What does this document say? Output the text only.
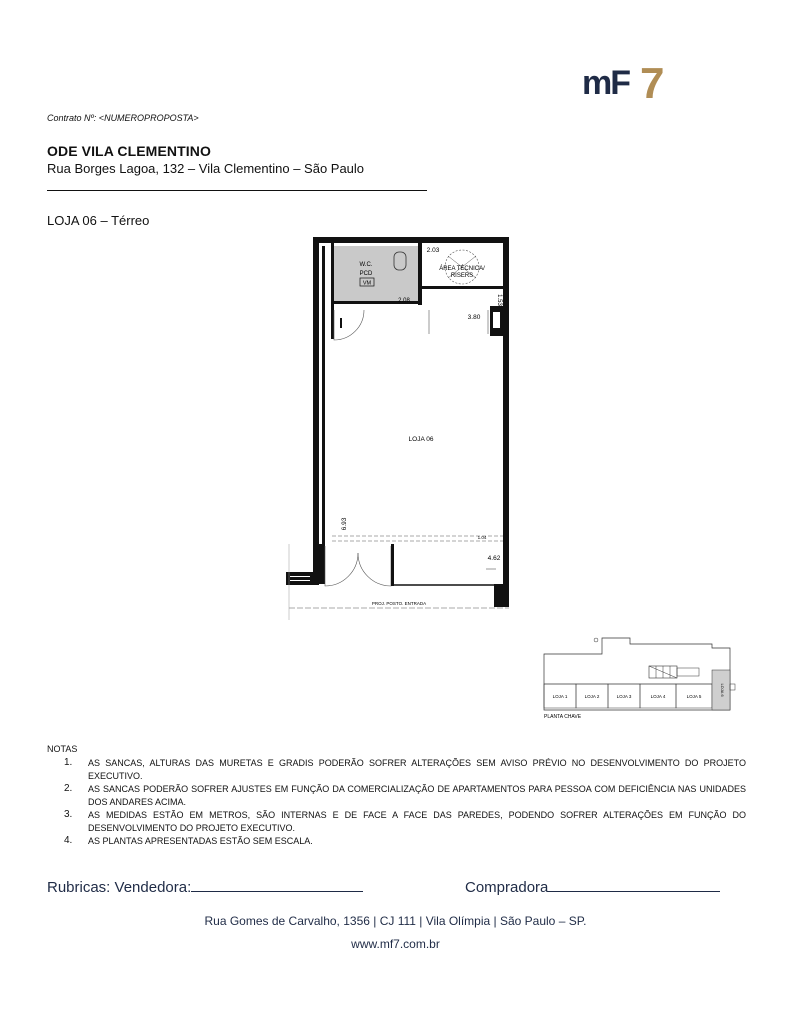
mF 7
Contrato Nº: <NUMEROPROPOSTA>
ODE VILA CLEMENTINO
Rua Borges Lagoa, 132 – Vila Clementino – São Paulo
LOJA 06 – Térreo
W.C.
PCD
VM
2.08
ÁREA TÉCNICA/
RISERS
2.03
1.53
3.80
LOJA 06
6.93
1.04
4.62
PROJ. POSTO. ENTRADA
LOJA 1	LOJA 2	LOJA 3	LOJA 4	LOJA 5	LOJA 6
PLANTA CHAVE
NOTAS
1. AS SANCAS, ALTURAS DAS MURETAS E GRADIS PODERÃO SOFRER ALTERAÇÕES SEM AVISO PRÉVIO NO DESENVOLVIMENTO DO PROJETO EXECUTIVO.
2. AS SANCAS PODERÃO SOFRER AJUSTES EM FUNÇÃO DA COMERCIALIZAÇÃO DE APARTAMENTOS PARA PESSOA COM DEFICIÊNCIA NAS UNIDADES DOS ANDARES ACIMA.
3. AS MEDIDAS ESTÃO EM METROS, SÃO INTERNAS E DE FACE A FACE DAS PAREDES, PODENDO SOFRER ALTERAÇÕES EM FUNÇÃO DO DESENVOLVIMENTO DO PROJETO EXECUTIVO.
4. AS PLANTAS APRESENTADAS ESTÃO SEM ESCALA.
Rubricas: Vendedora:	Compradora
Rua Gomes de Carvalho, 1356 | CJ 111 | Vila Olímpia | São Paulo – SP.
www.mf7.com.br
